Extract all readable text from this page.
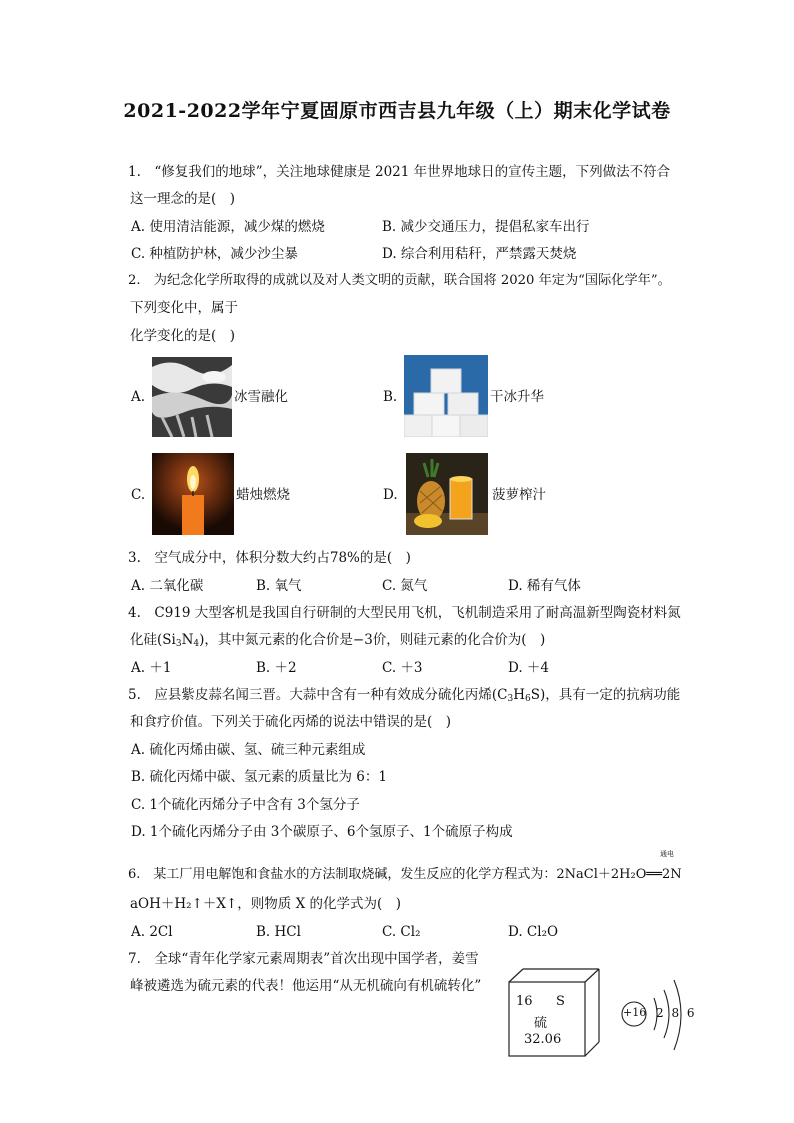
2021-2022学年宁夏固原市西吉县九年级（上）期末化学试卷
1.　“修复我们的地球”，关注地球健康是 2021 年世界地球日的宣传主题，下列做法不符合
这一理念的是(　)
A. 使用清洁能源，减少煤的燃烧	B. 减少交通压力，提倡私家车出行
C. 种植防护林，减少沙尘暴	D. 综合利用秸秆，严禁露天焚烧
2.　为纪念化学所取得的成就以及对人类文明的贡献，联合国将 2020 年定为“国际化学年”。
下列变化中，属于
化学变化的是(　)
A.	冰雪融化	B.	干冰升华
C.	蜡烛燃烧	D.	菠萝榨汁
3.　空气成分中，体积分数大约占78%的是(　)
A. 二氧化碳	B. 氧气	C. 氮气	D. 稀有气体
4.　C919 大型客机是我国自行研制的大型民用飞机，飞机制造采用了耐高温新型陶瓷材料氮
化硅$(Si_3N_4)$，其中氮元素的化合价是−3价，则硅元素的化合价为(　)
A. ＋1	B. ＋2	C. ＋3	D. ＋4
5.　应县紫皮蒜名闻三晋。大蒜中含有一种有效成分硫化丙烯$(C_3H_6S)$，具有一定的抗病功能
和食疗价值。下列关于硫化丙烯的说法中错误的是(　)
A. 硫化丙烯由碳、氢、硫三种元素组成
B. 硫化丙烯中碳、氢元素的质量比为 6：1
C. 1个硫化丙烯分子中含有 3个氢分子
D. 1个硫化丙烯分子由 3个碳原子、6个氢原子、1个硫原子构成
通电
6.　某工厂用电解饱和食盐水的方法制取烧碱，发生反应的化学方程式为：2NaCl＋2H₂O══2N
aOH＋H₂↑＋X↑，则物质 X 的化学式为(　)
A. 2Cl	B. HCl	C. Cl₂	D. Cl₂O
7.　全球“青年化学家元素周期表”首次出现中国学者，姜雪
峰被遴选为硫元素的代表！他运用“从无机硫向有机硫转化”
16 S
硫
32.06
+16 2 8 6
